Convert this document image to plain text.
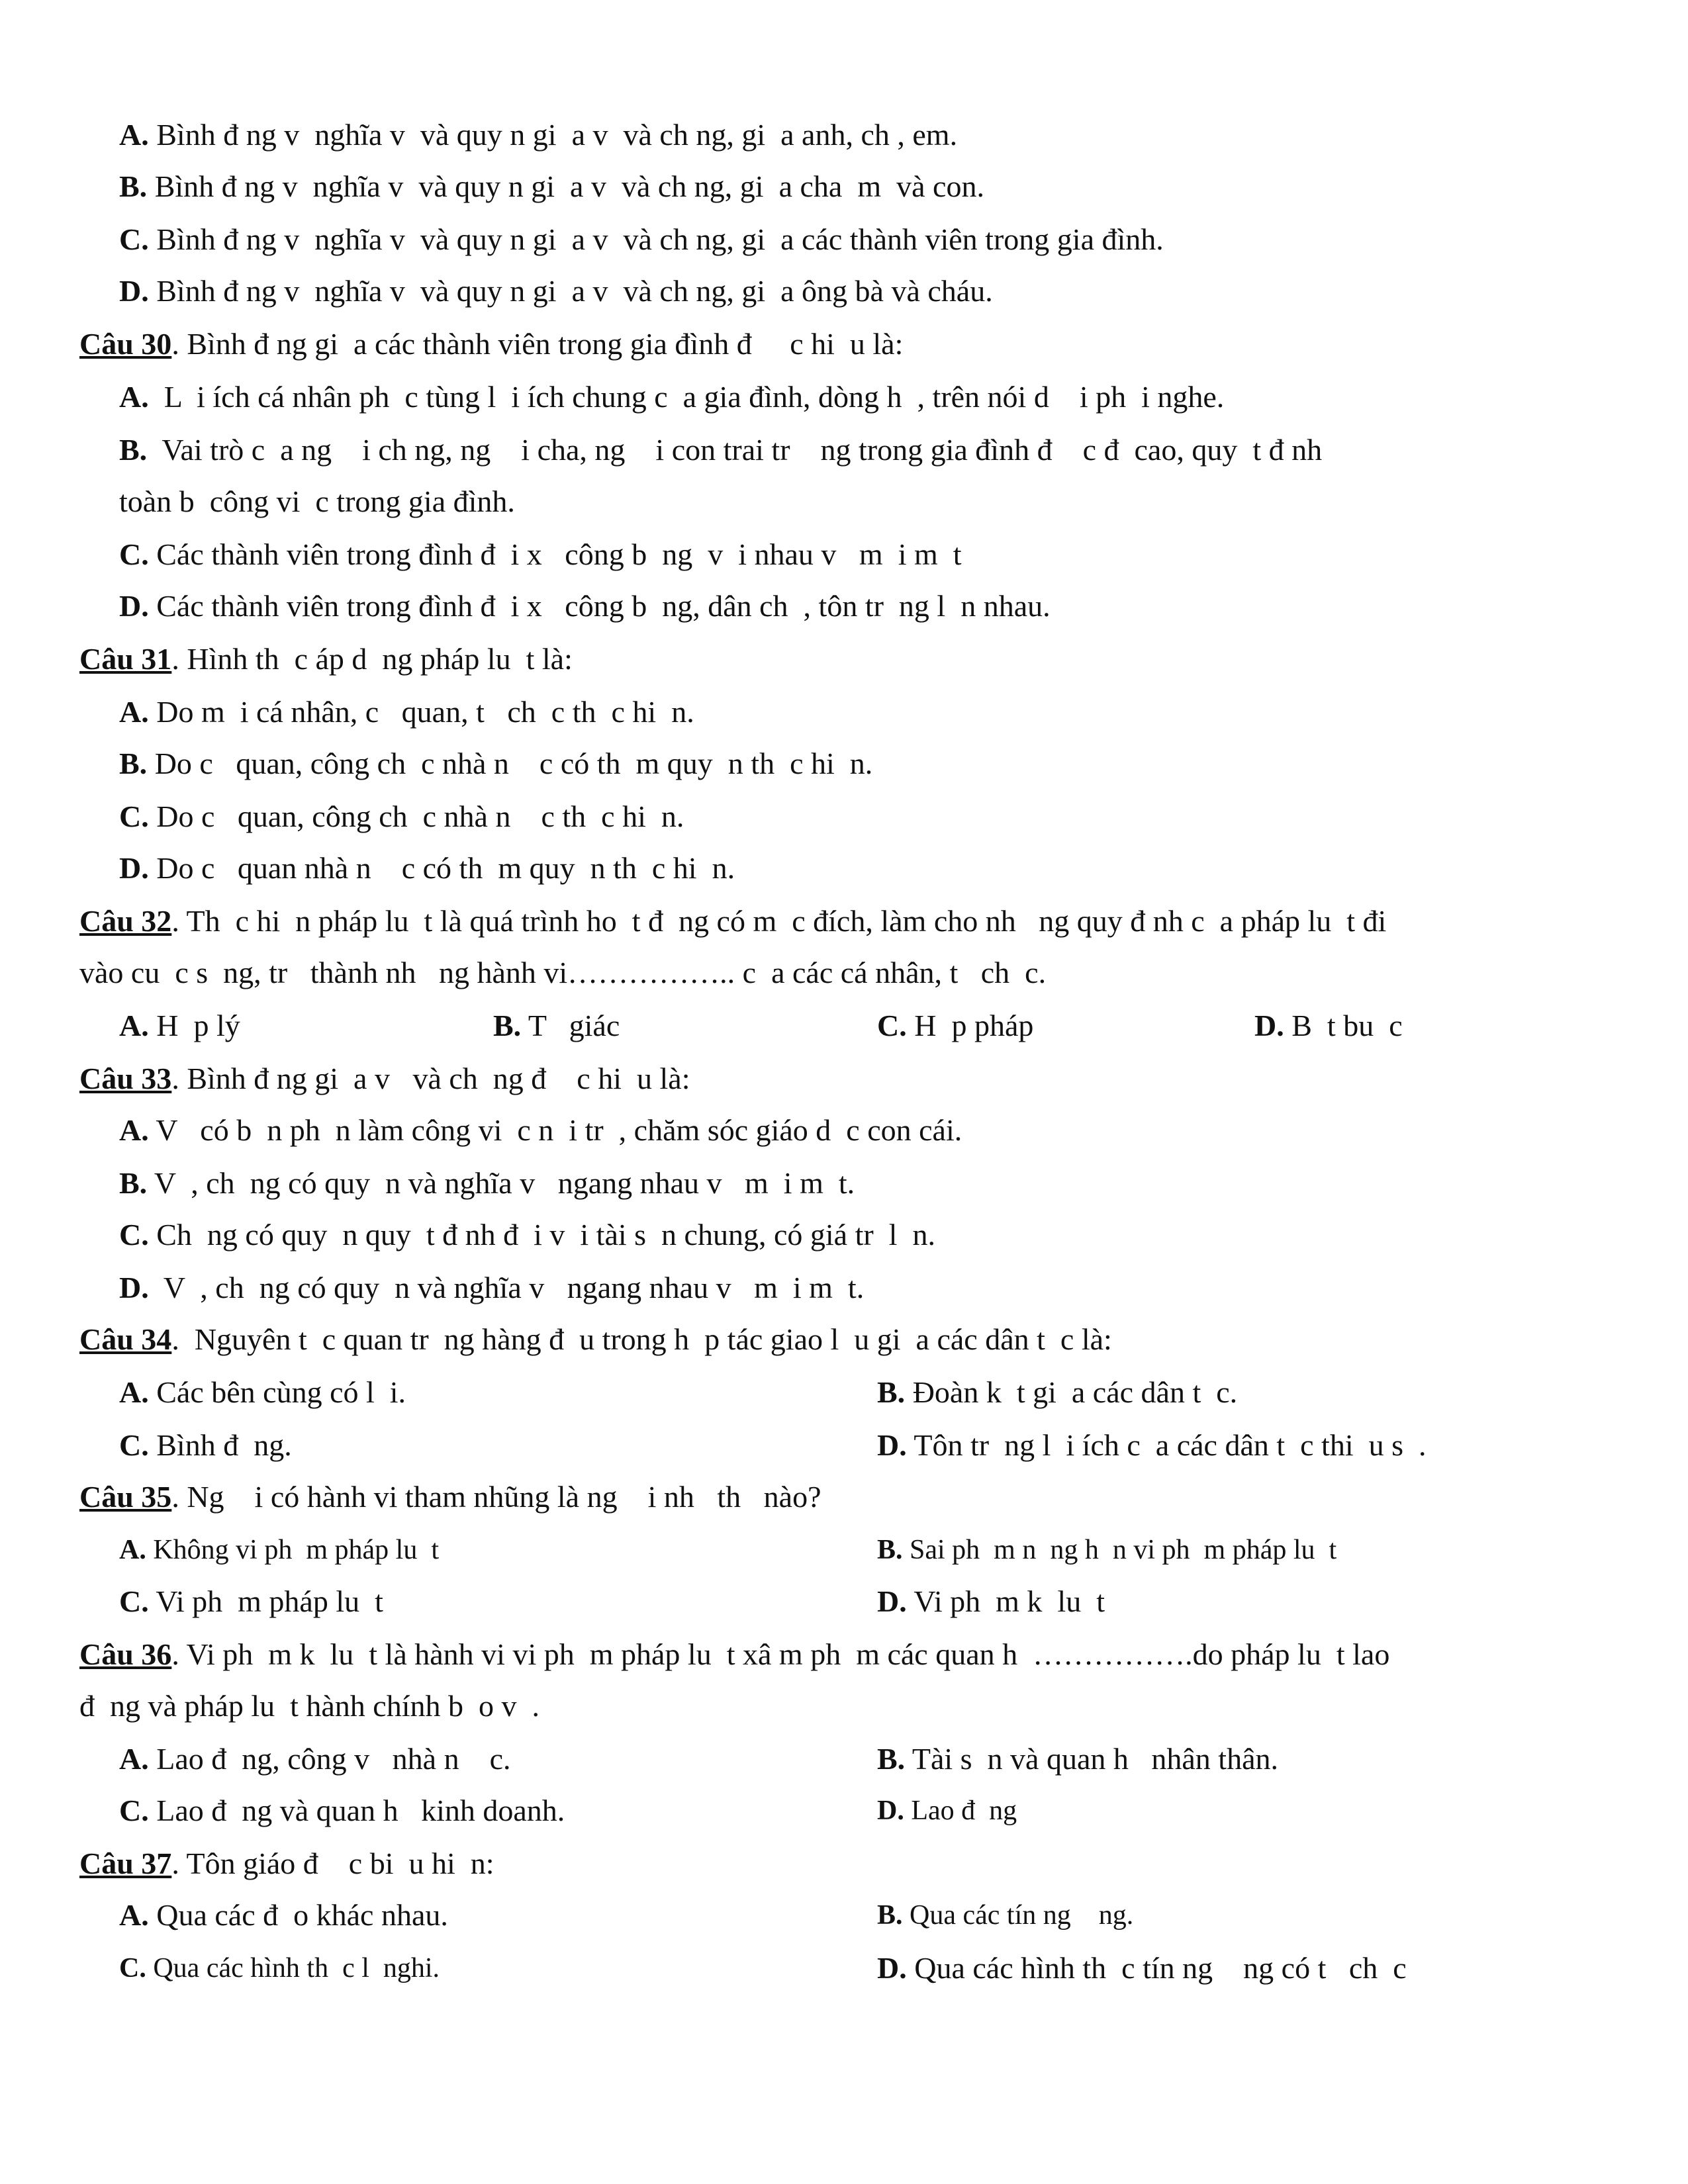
A. Bình đ ng v  nghĩa v  và quy n gi  a v  và ch ng, gi  a anh, ch , em.
B. Bình đ ng v  nghĩa v  và quy n gi  a v  và ch ng, gi  a cha  m  và con.
C. Bình đ ng v  nghĩa v  và quy n gi  a v  và ch ng, gi  a các thành viên trong gia đình.
D. Bình đ ng v  nghĩa v  và quy n gi  a v  và ch ng, gi  a ông bà và cháu.
Câu 30. Bình đ ng gi  a các thành viên trong gia đình đ     c hi  u là:
A.  L  i ích cá nhân ph  c tùng l  i ích chung c  a gia đình, dòng h  , trên nói d    i ph  i nghe.
B.  Vai trò c  a ng    i ch ng, ng    i cha, ng    i con trai tr    ng trong gia đình đ    c đ  cao, quy  t đ nh
toàn b  công vi  c trong gia đình.
C. Các thành viên trong đình đ  i x   công b  ng  v  i nhau v   m  i m  t
D. Các thành viên trong đình đ  i x   công b  ng, dân ch  , tôn tr  ng l  n nhau.
Câu 31. Hình th  c áp d  ng pháp lu  t là:
A. Do m  i cá nhân, c   quan, t   ch  c th  c hi  n.
B. Do c   quan, công ch  c nhà n    c có th  m quy  n th  c hi  n.
C. Do c   quan, công ch  c nhà n    c th  c hi  n.
D. Do c   quan nhà n    c có th  m quy  n th  c hi  n.
Câu 32. Th  c hi  n pháp lu  t là quá trình ho  t đ  ng có m  c đích, làm cho nh   ng quy đ nh c  a pháp lu  t đi
vào cu  c s  ng, tr   thành nh   ng hành vi…………….. c  a các cá nhân, t   ch  c.
A. H  p lý	B. T   giác	C. H  p pháp	D. B  t bu  c
Câu 33. Bình đ ng gi  a v   và ch  ng đ    c hi  u là:
A. V   có b  n ph  n làm công vi  c n  i tr  , chăm sóc giáo d  c con cái.
B. V  , ch  ng có quy  n và nghĩa v   ngang nhau v   m  i m  t.
C. Ch  ng có quy  n quy  t đ nh đ  i v  i tài s  n chung, có giá tr  l  n.
D.  V  , ch  ng có quy  n và nghĩa v   ngang nhau v   m  i m  t.
Câu 34.  Nguyên t  c quan tr  ng hàng đ  u trong h  p tác giao l  u gi  a các dân t  c là:
A. Các bên cùng có l  i.	B. Đoàn k  t gi  a các dân t  c.
C. Bình đ  ng.	D. Tôn tr  ng l  i ích c  a các dân t  c thi  u s  .
Câu 35. Ng    i có hành vi tham nhũng là ng    i nh   th   nào?
A. Không vi ph  m pháp lu  t	B. Sai ph  m n  ng h  n vi ph  m pháp lu  t
C. Vi ph  m pháp lu  t	D. Vi ph  m k  lu  t
Câu 36. Vi ph  m k  lu  t là hành vi vi ph  m pháp lu  t xâ m ph  m các quan h  …………….do pháp lu  t lao
đ  ng và pháp lu  t hành chính b  o v  .
A. Lao đ  ng, công v   nhà n    c.	B. Tài s  n và quan h   nhân thân.
C. Lao đ  ng và quan h   kinh doanh.	D. Lao đ  ng
Câu 37. Tôn giáo đ    c bi  u hi  n:
A. Qua các đ  o khác nhau.	B. Qua các tín ng    ng.
C. Qua các hình th  c l  nghi.	D. Qua các hình th  c tín ng    ng có t   ch  c
